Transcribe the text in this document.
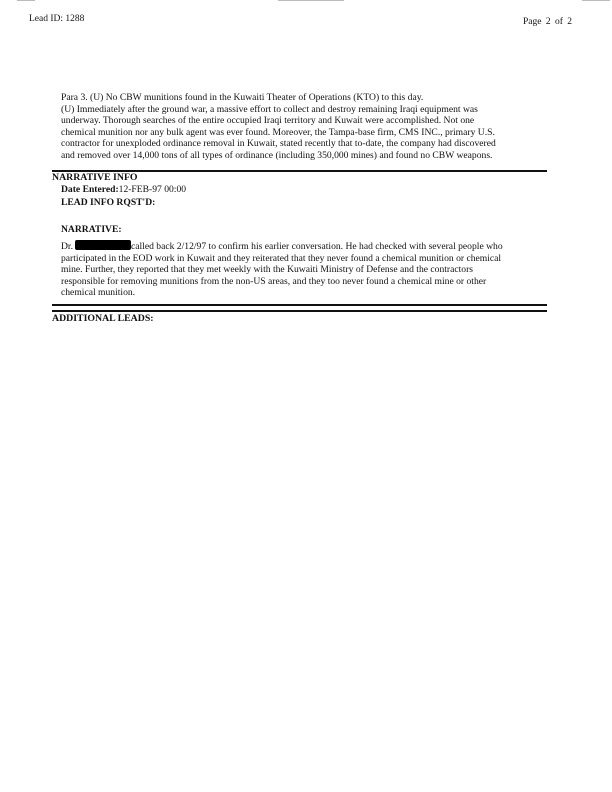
Lead ID: 1288	Page 2 of 2

Para 3. (U) No CBW munitions found in the Kuwaiti Theater of Operations (KTO) to this day.

(U) Immediately after the ground war, a massive effort to collect and destroy remaining Iraqi equipment was

underway. Thorough searches of the entire occupied Iraqi territory and Kuwait were accomplished. Not one

chemical munition nor any bulk agent was ever found. Moreover, the Tampa-base firm, CMS INC., primary U.S.

contractor for unexploded ordinance removal in Kuwait, stated recently that to-date, the company had discovered

and removed over 14,000 tons of all types of ordinance (including 350,000 mines) and found no CBW weapons.

NARRATIVE INFO
Date Entered:12-FEB-97 00:00
LEAD INFO RQST'D:
NARRATIVE:

Dr.	called back 2/12/97 to confirm his earlier conversation. He had checked with several people who

participated in the EOD work in Kuwait and they reiterated that they never found a chemical munition or chemical

mine. Further, they reported that they met weekly with the Kuwaiti Ministry of Defense and the contractors

responsible for removing munitions from the non-US areas, and they too never found a chemical mine or other

chemical munition.

ADDITIONAL LEADS:
